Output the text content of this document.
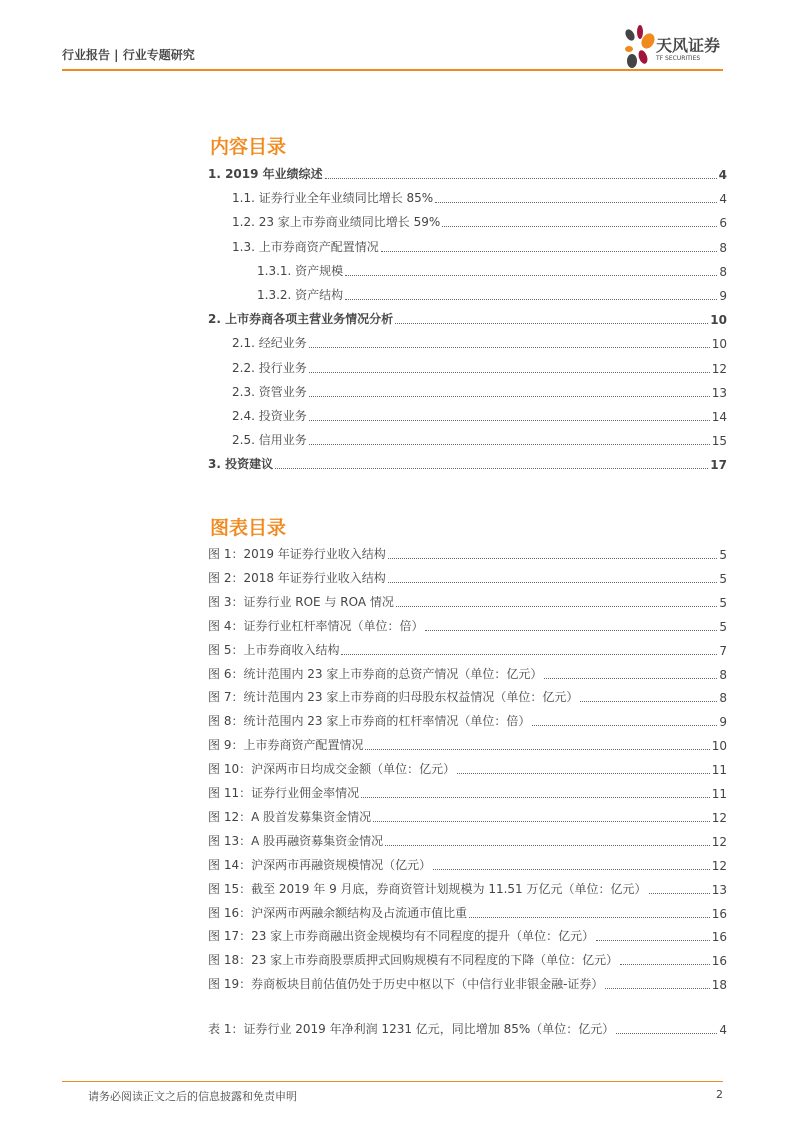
行业报告 | 行业专题研究	天风证券
TF SECURITIES
内容目录
图表目录
请务必阅读正文之后的信息披露和免责申明	2
1. 2019 年业绩综述	4
1.1. 证券行业全年业绩同比增长 85%	4
1.2. 23 家上市券商业绩同比增长 59%	6
1.3. 上市券商资产配置情况	8
1.3.1. 资产规模	8
1.3.2. 资产结构	9
2. 上市券商各项主营业务情况分析	10
2.1. 经纪业务	10
2.2. 投行业务	12
2.3. 资管业务	13
2.4. 投资业务	14
2.5. 信用业务	15
3. 投资建议	17
图 1：2019 年证券行业收入结构	5
图 2：2018 年证券行业收入结构	5
图 3：证券行业 ROE 与 ROA 情况	5
图 4：证券行业杠杆率情况（单位：倍）	5
图 5：上市券商收入结构	7
图 6：统计范围内 23 家上市券商的总资产情况（单位：亿元）	8
图 7：统计范围内 23 家上市券商的归母股东权益情况（单位：亿元）	8
图 8：统计范围内 23 家上市券商的杠杆率情况（单位：倍）	9
图 9：上市券商资产配置情况	10
图 10：沪深两市日均成交金额（单位：亿元）	11
图 11：证券行业佣金率情况	11
图 12：A 股首发募集资金情况	12
图 13：A 股再融资募集资金情况	12
图 14：沪深两市再融资规模情况（亿元）	12
图 15：截至 2019 年 9 月底，券商资管计划规模为 11.51 万亿元（单位：亿元）	13
图 16：沪深两市两融余额结构及占流通市值比重	16
图 17：23 家上市券商融出资金规模均有不同程度的提升（单位：亿元）	16
图 18：23 家上市券商股票质押式回购规模有不同程度的下降（单位：亿元）	16
图 19：券商板块目前估值仍处于历史中枢以下（中信行业非银金融-证券）	18
表 1：证券行业 2019 年净利润 1231 亿元，同比增加 85%（单位：亿元）	4
